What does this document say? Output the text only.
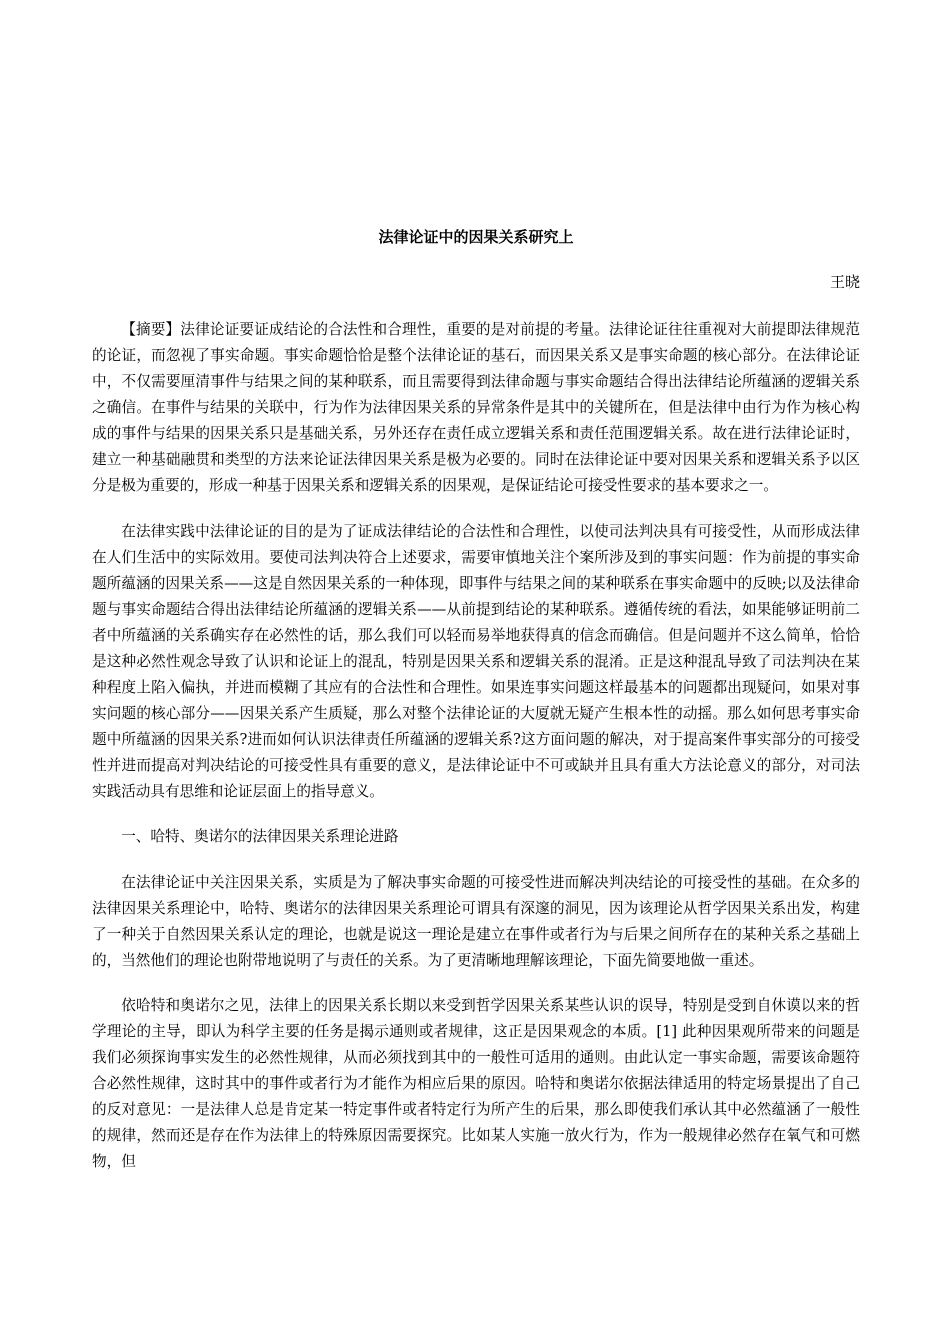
法律论证中的因果关系研究上

王晓

【摘要】法律论证要证成结论的合法性和合理性，重要的是对前提的考量。法律论证往往重视对大前提即法律规范的论证，而忽视了事实命题。事实命题恰恰是整个法律论证的基石，而因果关系又是事实命题的核心部分。在法律论证中，不仅需要厘清事件与结果之间的某种联系，而且需要得到法律命题与事实命题结合得出法律结论所蕴涵的逻辑关系之确信。在事件与结果的关联中，行为作为法律因果关系的异常条件是其中的关键所在，但是法律中由行为作为核心构成的事件与结果的因果关系只是基础关系，另外还存在责任成立逻辑关系和责任范围逻辑关系。故在进行法律论证时，建立一种基础融贯和类型的方法来论证法律因果关系是极为必要的。同时在法律论证中要对因果关系和逻辑关系予以区分是极为重要的，形成一种基于因果关系和逻辑关系的因果观，是保证结论可接受性要求的基本要求之一。

在法律实践中法律论证的目的是为了证成法律结论的合法性和合理性，以使司法判决具有可接受性，从而形成法律在人们生活中的实际效用。要使司法判决符合上述要求，需要审慎地关注个案所涉及到的事实问题：作为前提的事实命题所蕴涵的因果关系——这是自然因果关系的一种体现，即事件与结果之间的某种联系在事实命题中的反映;以及法律命题与事实命题结合得出法律结论所蕴涵的逻辑关系——从前提到结论的某种联系。遵循传统的看法，如果能够证明前二者中所蕴涵的关系确实存在必然性的话，那么我们可以轻而易举地获得真的信念而确信。但是问题并不这么简单，恰恰是这种必然性观念导致了认识和论证上的混乱，特别是因果关系和逻辑关系的混淆。正是这种混乱导致了司法判决在某种程度上陷入偏执，并进而模糊了其应有的合法性和合理性。如果连事实问题这样最基本的问题都出现疑问，如果对事实问题的核心部分——因果关系产生质疑，那么对整个法律论证的大厦就无疑产生根本性的动摇。那么如何思考事实命题中所蕴涵的因果关系?进而如何认识法律责任所蕴涵的逻辑关系?这方面问题的解决，对于提高案件事实部分的可接受性并进而提高对判决结论的可接受性具有重要的意义，是法律论证中不可或缺并且具有重大方法论意义的部分，对司法实践活动具有思维和论证层面上的指导意义。

一、哈特、奥诺尔的法律因果关系理论进路

在法律论证中关注因果关系，实质是为了解决事实命题的可接受性进而解决判决结论的可接受性的基础。在众多的法律因果关系理论中，哈特、奥诺尔的法律因果关系理论可谓具有深邃的洞见，因为该理论从哲学因果关系出发，构建了一种关于自然因果关系认定的理论，也就是说这一理论是建立在事件或者行为与后果之间所存在的某种关系之基础上的，当然他们的理论也附带地说明了与责任的关系。为了更清晰地理解该理论，下面先简要地做一重述。

依哈特和奥诺尔之见，法律上的因果关系长期以来受到哲学因果关系某些认识的误导，特别是受到自休谟以来的哲学理论的主导，即认为科学主要的任务是揭示通则或者规律，这正是因果观念的本质。[1] 此种因果观所带来的问题是我们必须探询事实发生的必然性规律，从而必须找到其中的一般性可适用的通则。由此认定一事实命题，需要该命题符合必然性规律，这时其中的事件或者行为才能作为相应后果的原因。哈特和奥诺尔依据法律适用的特定场景提出了自己的反对意见：一是法律人总是肯定某一特定事件或者特定行为所产生的后果，那么即使我们承认其中必然蕴涵了一般性的规律，然而还是存在作为法律上的特殊原因需要探究。比如某人实施一放火行为，作为一般规律必然存在氧气和可燃物，但
